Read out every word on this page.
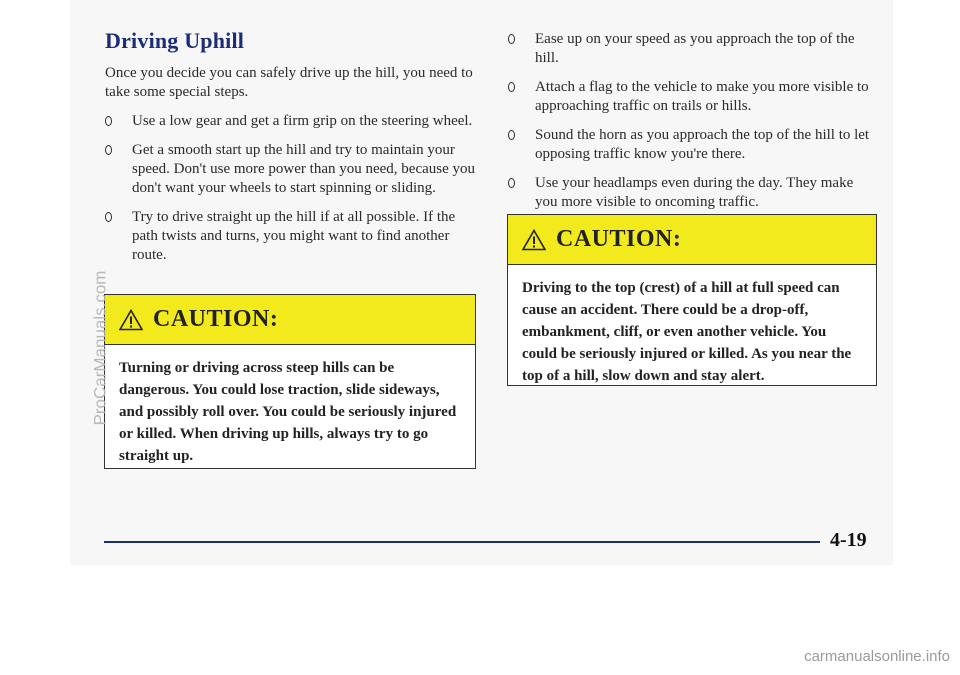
Driving Uphill

Once you decide you can safely drive up the hill, you need to take some special steps.

Use a low gear and get a firm grip on the steering wheel.
Get a smooth start up the hill and try to maintain your speed. Don't use more power than you need, because you don't want your wheels to start spinning or sliding.
Try to drive straight up the hill if at all possible. If the path twists and turns, you might want to find another route.
CAUTION:
Turning or driving across steep hills can be dangerous. You could lose traction, slide sideways, and possibly roll over. You could be seriously injured or killed. When driving up hills, always try to go straight up.
Ease up on your speed as you approach the top of the hill.
Attach a flag to the vehicle to make you more visible to approaching traffic on trails or hills.
Sound the horn as you approach the top of the hill to let opposing traffic know you're there.
Use your headlamps even during the day. They make you more visible to oncoming traffic.
CAUTION:
Driving to the top (crest) of a hill at full speed can cause an accident. There could be a drop-off, embankment, cliff, or even another vehicle. You could be seriously injured or killed. As you near the top of a hill, slow down and stay alert.
4-19
ProCarManuals.com
carmanualsonline.info
